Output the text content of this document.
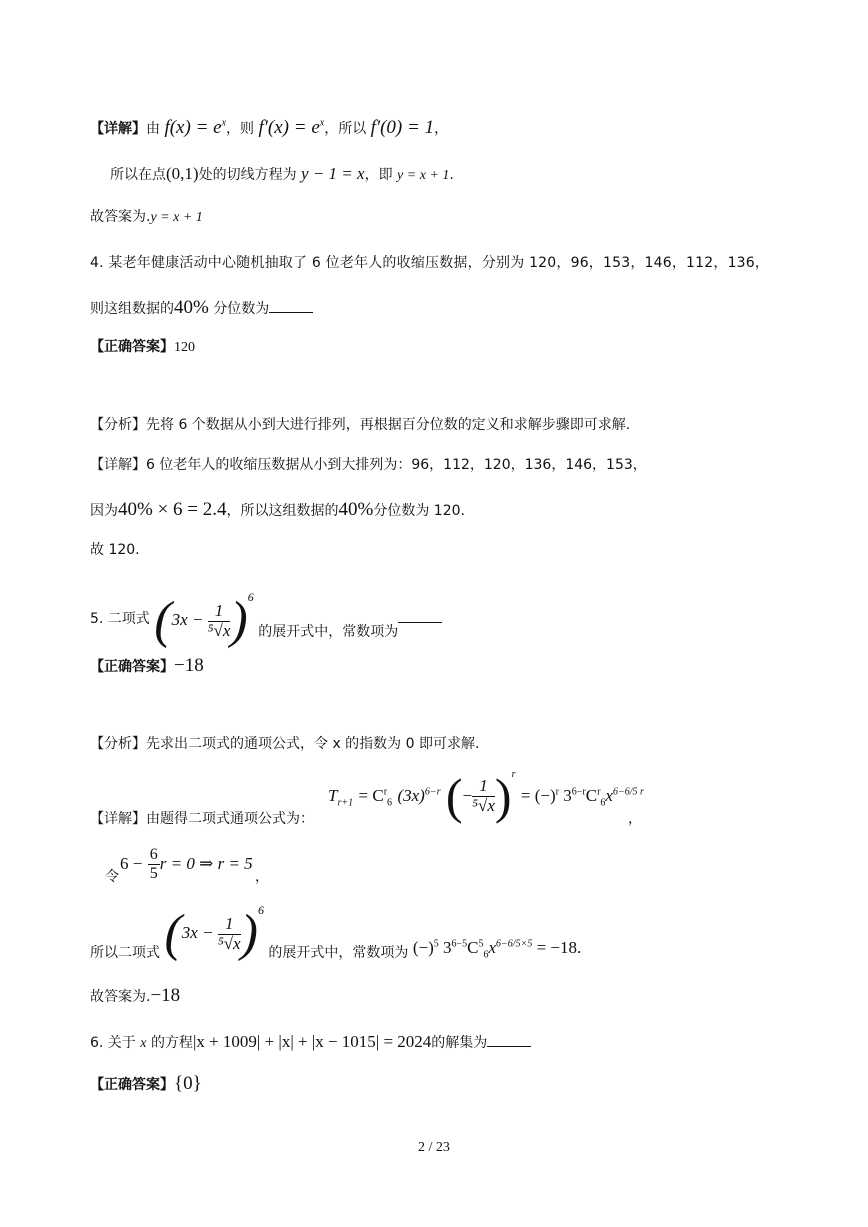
【详解】由 $f(x) = e^x$，则 $f'(x) = e^x$，所以 f′(0) = 1，
所以在点(0,1)处的切线方程为 y − 1 = x，即 y = x + 1.
故答案为.y = x + 1
4. 某老年健康活动中心随机抽取了 6 位老年人的收缩压数据，分别为 120，96，153，146，112，136，
则这组数据的40% 分位数为
【正确答案】120
【分析】先将 6 个数据从小到大进行排列，再根据百分位数的定义和求解步骤即可求解.
【详解】6 位老年人的收缩压数据从小到大排列为：96，112，120，136，146，153，
因为40% × 6 = 2.4，所以这组数据的40%分位数为 120.
故 120.
5. 二项式 $(3x - \frac{1}{\text{⁵√x}} )^6$ 的展开式中，常数项为
【正确答案】−18
【分析】先求出二项式的通项公式，令 x 的指数为 0 即可求解.
$T_{r+1} = C^r_6$ $(3x)^{6-r}$ (− $\frac{1}{\text{⁵√x}} )^r = (-)^r$ $3^{6-r}C^r_6x^{6-6/5 r}$
【详解】由题得二项式通项公式为：	，
令
$6 - \frac{6}{5}$ r = 0 ⇒ r = 5
，
所以二项式 $(3x - \frac{1}{\text{⁵√x}} )^6$ 的展开式中，常数项为 $(-)^5$ $3^{6-5}C^5_6x^{6-6/5\times 5} = -18$.
故答案为.−18
6. 关于 x 的方程|x + 1009| + |x| + |x − 1015| = 2024的解集为
【正确答案】{0}
2 / 23
